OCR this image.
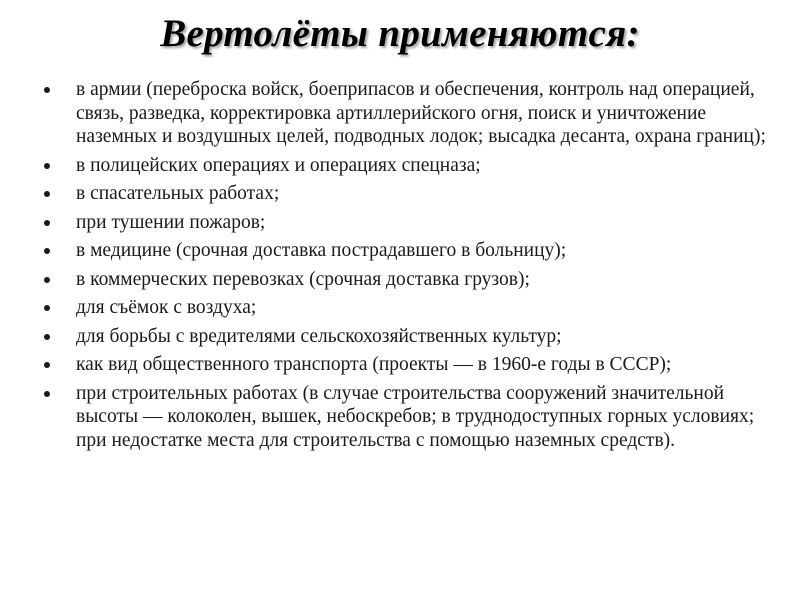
Вертолёты применяются:
в армии (переброска войск, боеприпасов и обеспечения, контроль над операцией, связь, разведка, корректировка артиллерийского огня, поиск и уничтожение наземных и воздушных целей, подводных лодок; высадка десанта, охрана границ);
в полицейских операциях и операциях спецназа;
в спасательных работах;
при тушении пожаров;
в медицине (срочная доставка пострадавшего в больницу);
в коммерческих перевозках (срочная доставка грузов);
для съёмок с воздуха;
для борьбы с вредителями сельскохозяйственных культур;
как вид общественного транспорта (проекты — в 1960-е годы в СССР);
при строительных работах (в случае строительства сооружений значительной высоты — колоколен, вышек, небоскребов; в труднодоступных горных условиях; при недостатке места для строительства с помощью наземных средств).
